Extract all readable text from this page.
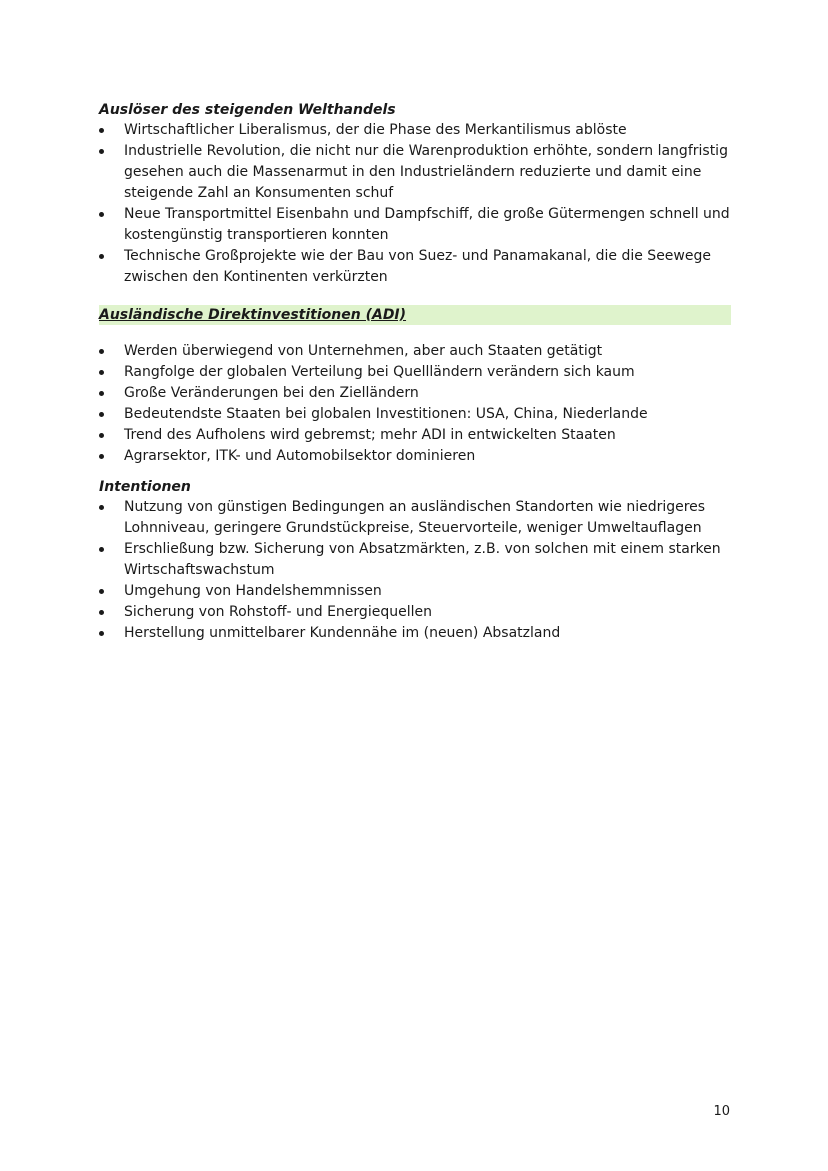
Auslöser des steigenden Welthandels

Wirtschaftlicher Liberalismus, der die Phase des Merkantilismus ablöste
Industrielle Revolution, die nicht nur die Warenproduktion erhöhte, sondern langfristig gesehen auch die Massenarmut in den Industrieländern reduzierte und damit eine steigende Zahl an Konsumenten schuf
Neue Transportmittel Eisenbahn und Dampfschiff, die große Gütermengen schnell und kostengünstig transportieren konnten
Technische Großprojekte wie der Bau von Suez- und Panamakanal, die die Seewege zwischen den Kontinenten verkürzten

Ausländische Direktinvestitionen (ADI)

Werden überwiegend von Unternehmen, aber auch Staaten getätigt
Rangfolge der globalen Verteilung bei Quellländern verändern sich kaum
Große Veränderungen bei den Zielländern
Bedeutendste Staaten bei globalen Investitionen: USA, China, Niederlande
Trend des Aufholens wird gebremst; mehr ADI in entwickelten Staaten
Agrarsektor, ITK- und Automobilsektor dominieren

Intentionen

Nutzung von günstigen Bedingungen an ausländischen Standorten wie niedrigeres Lohnniveau, geringere Grundstückpreise, Steuervorteile, weniger Umweltauflagen
Erschließung bzw. Sicherung von Absatzmärkten, z.B. von solchen mit einem starken Wirtschaftswachstum
Umgehung von Handelshemmnissen
Sicherung von Rohstoff- und Energiequellen
Herstellung unmittelbarer Kundennähe im (neuen) Absatzland
10
